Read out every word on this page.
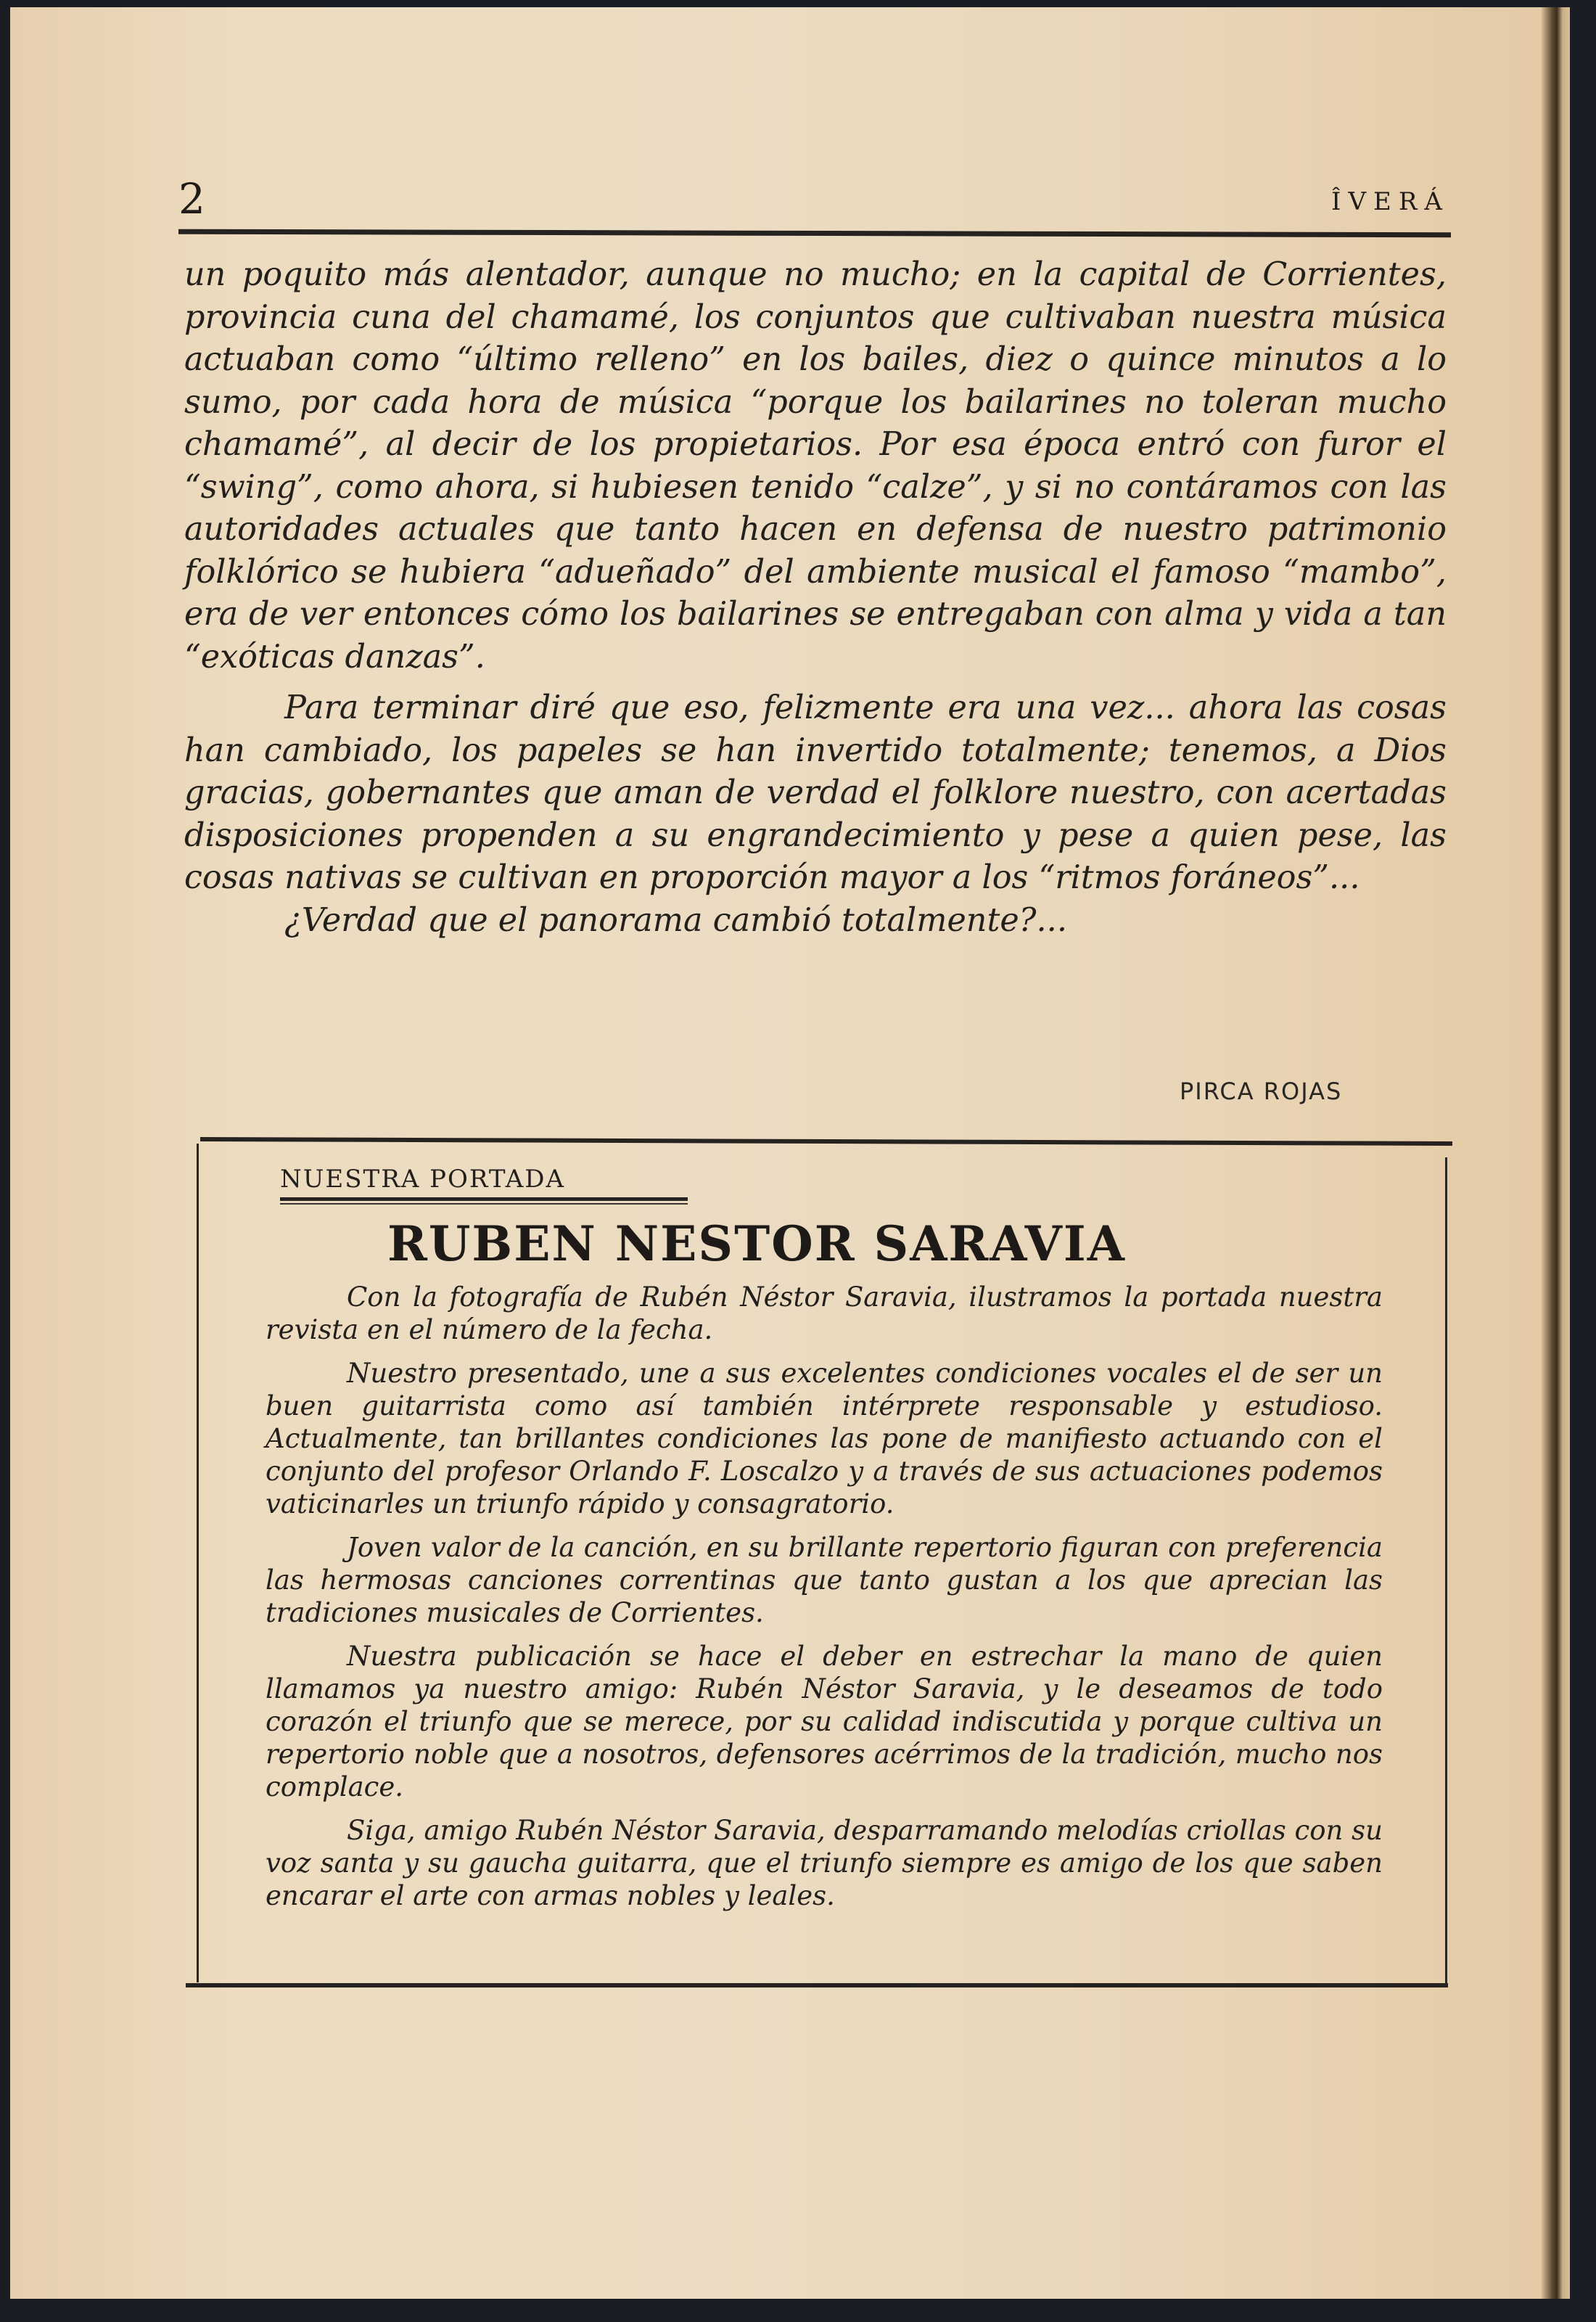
2	ÎVERÁ

un poquito más alentador, aunque no mucho; en la capital de Corrientes, provincia cuna del chamamé, los conjuntos que cultivaban nuestra música actuaban como “último relleno” en los bailes, diez o quince minutos a lo sumo, por cada hora de música “porque los bailarines no toleran mucho chamamé”, al decir de los propietarios. Por esa época entró con furor el “swing”, como ahora, si hubiesen tenido “calze”, y si no contáramos con las autoridades actuales que tanto hacen en defensa de nuestro patrimonio folklórico se hubiera “adueñado” del ambiente musical el famoso “mambo”, era de ver entonces cómo los bailarines se entregaban con alma y vida a tan “exóticas danzas”.

Para terminar diré que eso, felizmente era una vez... ahora las cosas han cambiado, los papeles se han invertido totalmente; tenemos, a Dios gracias, gobernantes que aman de verdad el folklore nuestro, con acertadas disposiciones propenden a su engrandecimiento y pese a quien pese, las cosas nativas se cultivan en proporción mayor a los “ritmos foráneos”...

¿Verdad que el panorama cambió totalmente?...

PIRCA ROJAS
NUESTRA PORTADA
RUBEN NESTOR SARAVIA

Con la fotografía de Rubén Néstor Saravia, ilustramos la portada nuestra revista en el número de la fecha.

Nuestro presentado, une a sus excelentes condiciones vocales el de ser un buen guitarrista como así también intérprete responsable y estudioso. Actualmente, tan brillantes condiciones las pone de manifiesto actuando con el conjunto del profesor Orlando F. Loscalzo y a través de sus actuaciones podemos vaticinarles un triunfo rápido y consagratorio.

Joven valor de la canción, en su brillante repertorio figuran con preferencia las hermosas canciones correntinas que tanto gustan a los que aprecian las tradiciones musicales de Corrientes.

Nuestra publicación se hace el deber en estrechar la mano de quien llamamos ya nuestro amigo: Rubén Néstor Saravia, y le deseamos de todo corazón el triunfo que se merece, por su calidad indiscutida y porque cultiva un repertorio noble que a nosotros, defensores acérrimos de la tradición, mucho nos complace.

Siga, amigo Rubén Néstor Saravia, desparramando melodías criollas con su voz santa y su gaucha guitarra, que el triunfo siempre es amigo de los que saben encarar el arte con armas nobles y leales.
